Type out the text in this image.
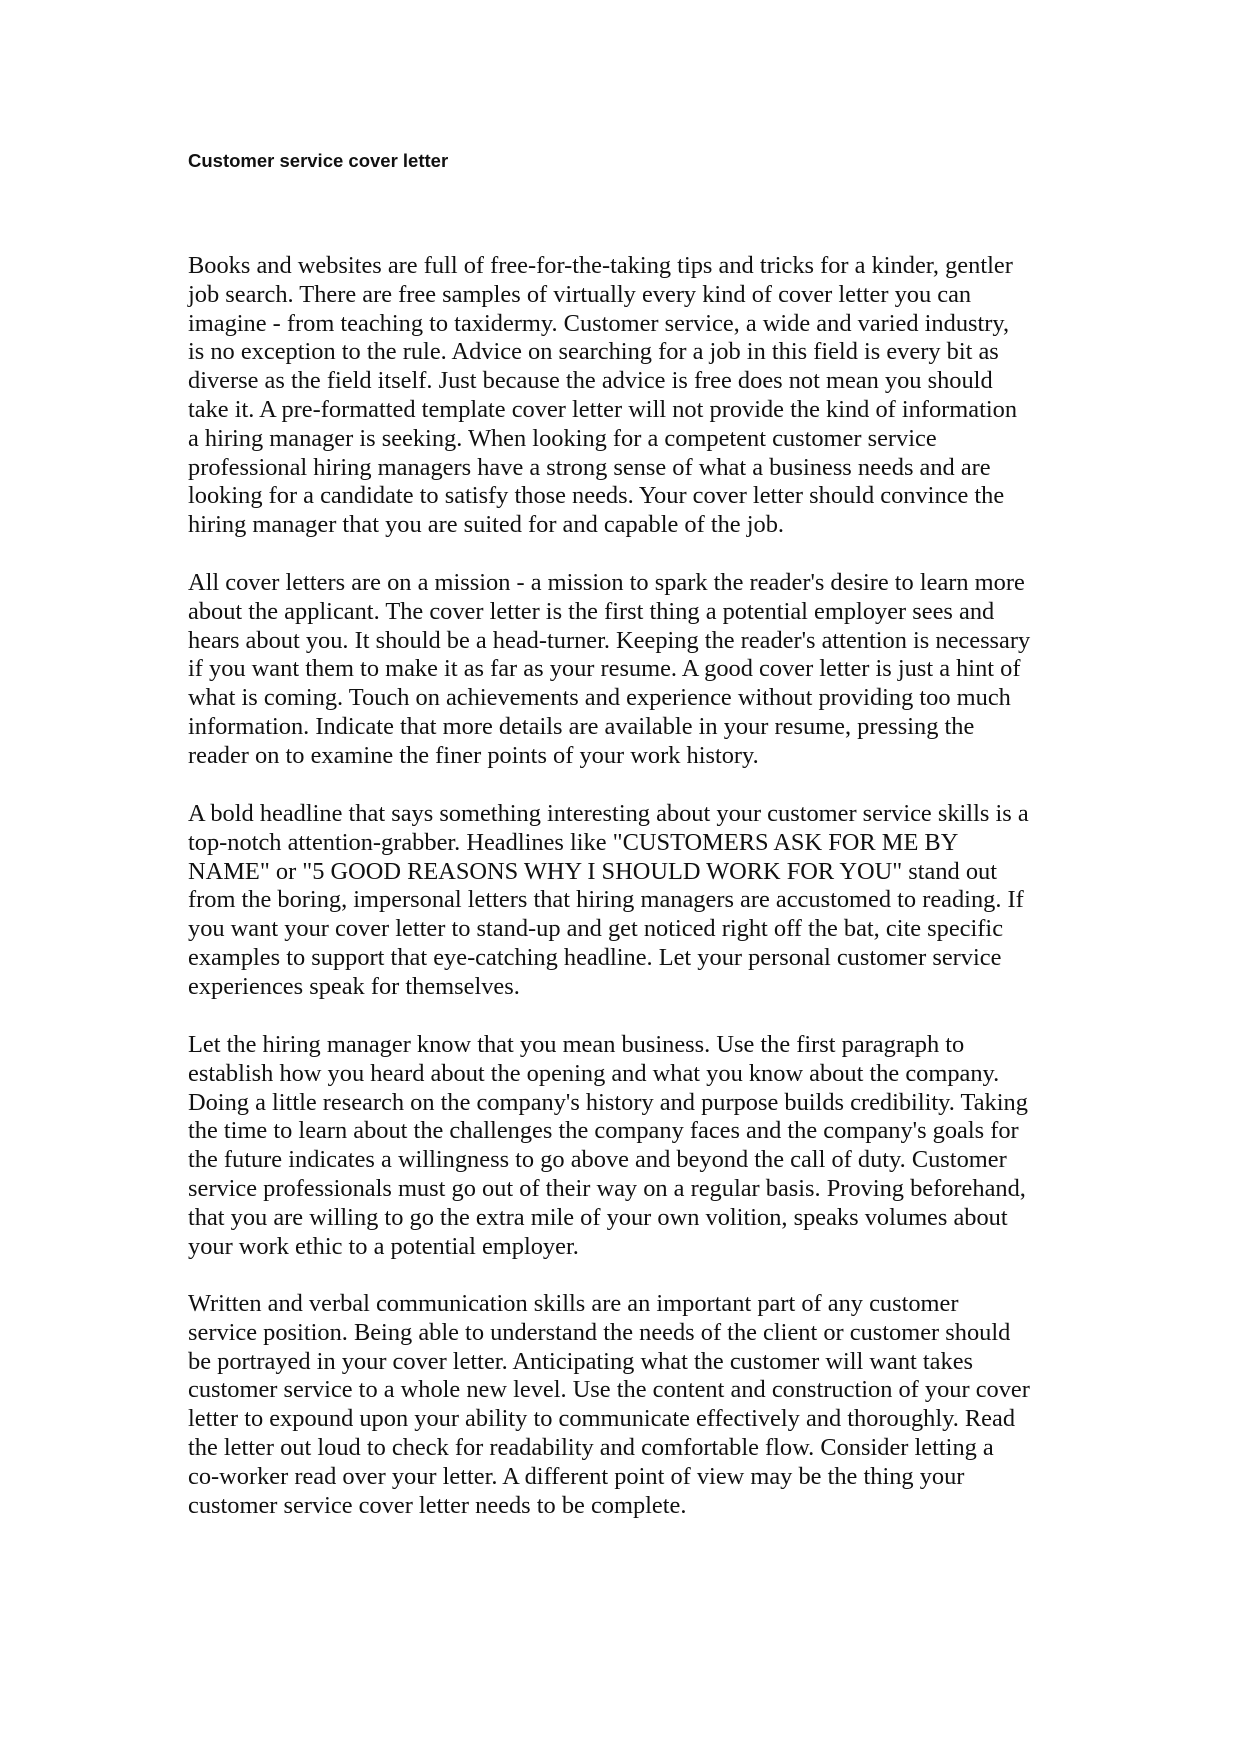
Customer service cover letter

Books and websites are full of free-for-the-taking tips and tricks for a kinder, gentler
job search. There are free samples of virtually every kind of cover letter you can
imagine - from teaching to taxidermy. Customer service, a wide and varied industry,
is no exception to the rule. Advice on searching for a job in this field is every bit as
diverse as the field itself. Just because the advice is free does not mean you should
take it. A pre-formatted template cover letter will not provide the kind of information
a hiring manager is seeking. When looking for a competent customer service
professional hiring managers have a strong sense of what a business needs and are
looking for a candidate to satisfy those needs. Your cover letter should convince the
hiring manager that you are suited for and capable of the job.

All cover letters are on a mission - a mission to spark the reader's desire to learn more
about the applicant. The cover letter is the first thing a potential employer sees and
hears about you. It should be a head-turner. Keeping the reader's attention is necessary
if you want them to make it as far as your resume. A good cover letter is just a hint of
what is coming. Touch on achievements and experience without providing too much
information. Indicate that more details are available in your resume, pressing the
reader on to examine the finer points of your work history.

A bold headline that says something interesting about your customer service skills is a
top-notch attention-grabber. Headlines like "CUSTOMERS ASK FOR ME BY
NAME" or "5 GOOD REASONS WHY I SHOULD WORK FOR YOU" stand out
from the boring, impersonal letters that hiring managers are accustomed to reading. If
you want your cover letter to stand-up and get noticed right off the bat, cite specific
examples to support that eye-catching headline. Let your personal customer service
experiences speak for themselves.

Let the hiring manager know that you mean business. Use the first paragraph to
establish how you heard about the opening and what you know about the company.
Doing a little research on the company's history and purpose builds credibility. Taking
the time to learn about the challenges the company faces and the company's goals for
the future indicates a willingness to go above and beyond the call of duty. Customer
service professionals must go out of their way on a regular basis. Proving beforehand,
that you are willing to go the extra mile of your own volition, speaks volumes about
your work ethic to a potential employer.

Written and verbal communication skills are an important part of any customer
service position. Being able to understand the needs of the client or customer should
be portrayed in your cover letter. Anticipating what the customer will want takes
customer service to a whole new level. Use the content and construction of your cover
letter to expound upon your ability to communicate effectively and thoroughly. Read
the letter out loud to check for readability and comfortable flow. Consider letting a
co-worker read over your letter. A different point of view may be the thing your
customer service cover letter needs to be complete.
